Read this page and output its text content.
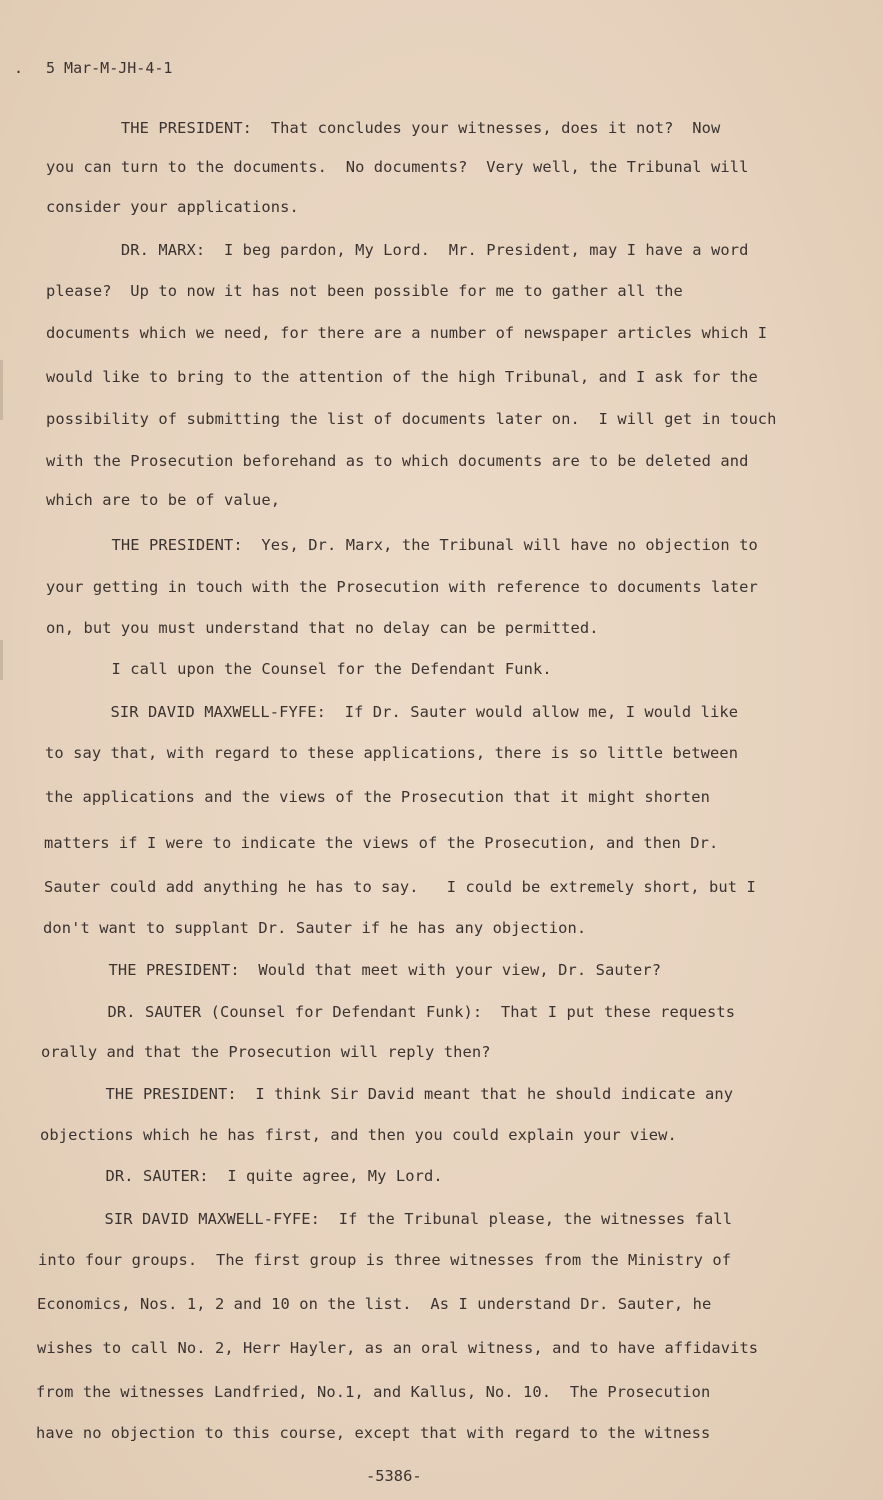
. 5 Mar-M-JH-4-1

THE PRESIDENT:  That concludes your witnesses, does it not?  Now

you can turn to the documents.  No documents?  Very well, the Tribunal will

consider your applications.

DR. MARX:  I beg pardon, My Lord.  Mr. President, may I have a word

please?  Up to now it has not been possible for me to gather all the

documents which we need, for there are a number of newspaper articles which I

would like to bring to the attention of the high Tribunal, and I ask for the

possibility of submitting the list of documents later on.  I will get in touch

with the Prosecution beforehand as to which documents are to be deleted and

which are to be of value,

THE PRESIDENT:  Yes, Dr. Marx, the Tribunal will have no objection to

your getting in touch with the Prosecution with reference to documents later

on, but you must understand that no delay can be permitted.

I call upon the Counsel for the Defendant Funk.

SIR DAVID MAXWELL-FYFE:  If Dr. Sauter would allow me, I would like

to say that, with regard to these applications, there is so little between

the applications and the views of the Prosecution that it might shorten

matters if I were to indicate the views of the Prosecution, and then Dr.

Sauter could add anything he has to say.   I could be extremely short, but I

don't want to supplant Dr. Sauter if he has any objection.

THE PRESIDENT:  Would that meet with your view, Dr. Sauter?

DR. SAUTER (Counsel for Defendant Funk):  That I put these requests

orally and that the Prosecution will reply then?

THE PRESIDENT:  I think Sir David meant that he should indicate any

objections which he has first, and then you could explain your view.

DR. SAUTER:  I quite agree, My Lord.

SIR DAVID MAXWELL-FYFE:  If the Tribunal please, the witnesses fall

into four groups.  The first group is three witnesses from the Ministry of

Economics, Nos. 1, 2 and 10 on the list.  As I understand Dr. Sauter, he

wishes to call No. 2, Herr Hayler, as an oral witness, and to have affidavits

from the witnesses Landfried, No.1, and Kallus, No. 10.  The Prosecution

have no objection to this course, except that with regard to the witness

-5386-
